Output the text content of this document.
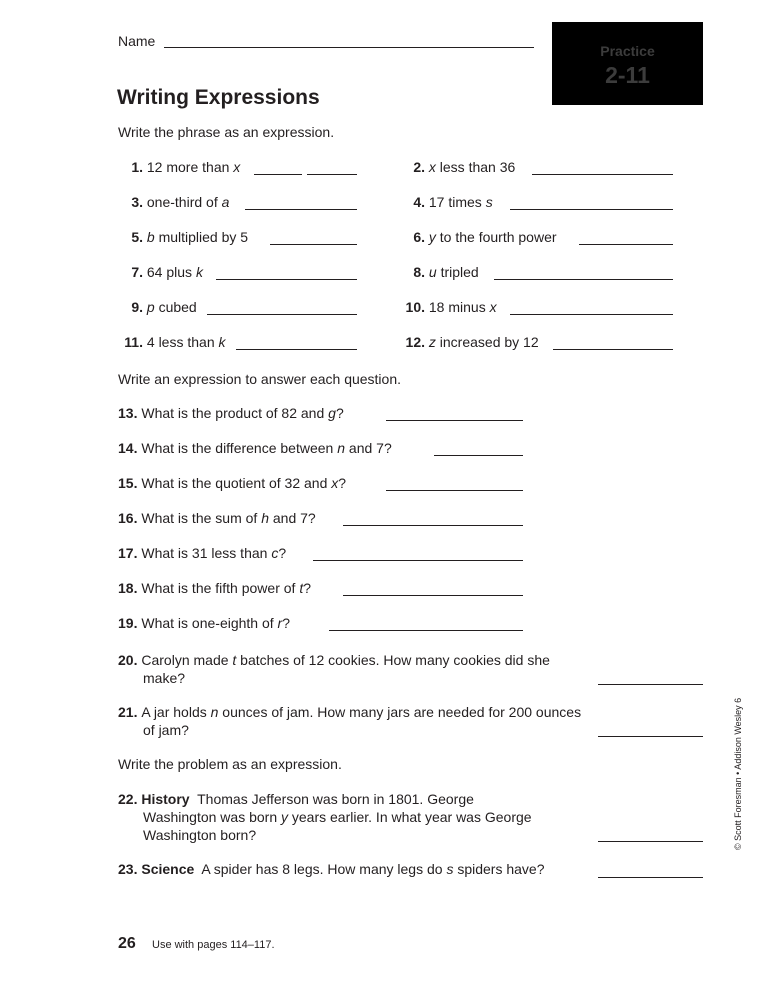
Name
Practice
2-11
Writing Expressions
Write the phrase as an expression.
1. 12 more than x
3. one-third of a
5. b multiplied by 5
7. 64 plus k
9. p cubed
11. 4 less than k
2. x less than 36
4. 17 times s
6. y to the fourth power
8. u tripled
10. 18 minus x
12. z increased by 12
Write an expression to answer each question.
13. What is the product of 82 and g?
14. What is the difference between n and 7?
15. What is the quotient of 32 and x?
16. What is the sum of h and 7?
17. What is 31 less than c?
18. What is the fifth power of t?
19. What is one-eighth of r?
20. Carolyn made t batches of 12 cookies. How many cookies did she make?
21. A jar holds n ounces of jam. How many jars are needed for 200 ounces of jam?
Write the problem as an expression.
22. History Thomas Jefferson was born in 1801. George Washington was born y years earlier. In what year was George Washington born?
23. Science A spider has 8 legs. How many legs do s spiders have?
© Scott Foresman • Addison Wesley 6
26 Use with pages 114–117.
